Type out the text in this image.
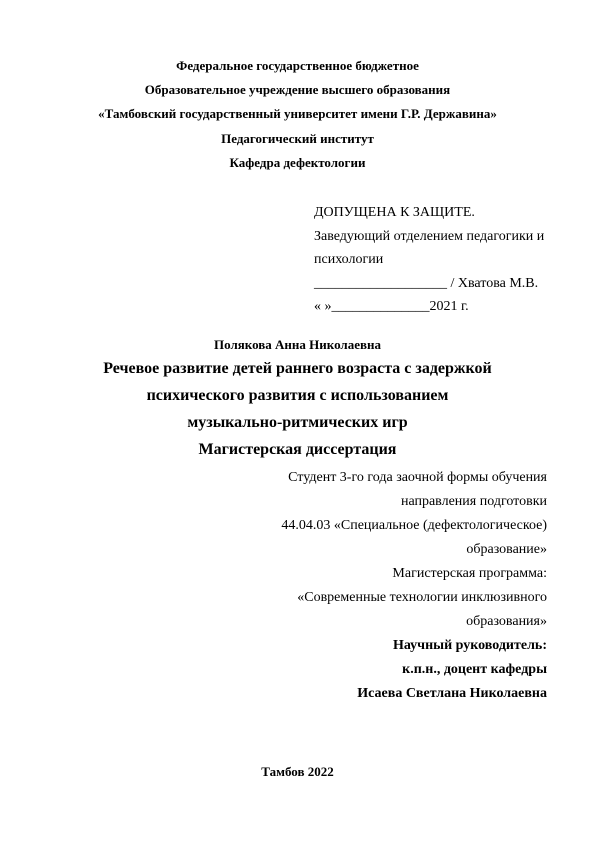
Федеральное государственное бюджетное
Образовательное учреждение высшего образования
«Тамбовский государственный университет имени Г.Р. Державина»
Педагогический институт
Кафедра дефектологии
ДОПУЩЕНА К ЗАЩИТЕ.
Заведующий отделением педагогики и
психологии
___________________ / Хватова М.В.
« »______________2021 г.
Полякова Анна Николаевна
Речевое развитие детей раннего возраста с задержкой
психического развития с использованием
музыкально-ритмических игр
Магистерская диссертация
Студент 3-го года заочной формы обучения
направления подготовки
44.04.03 «Специальное (дефектологическое)
образование»
Магистерская программа:
«Современные технологии инклюзивного
образования»
Научный руководитель:
к.п.н., доцент кафедры
Исаева Светлана Николаевна
Тамбов 2022
